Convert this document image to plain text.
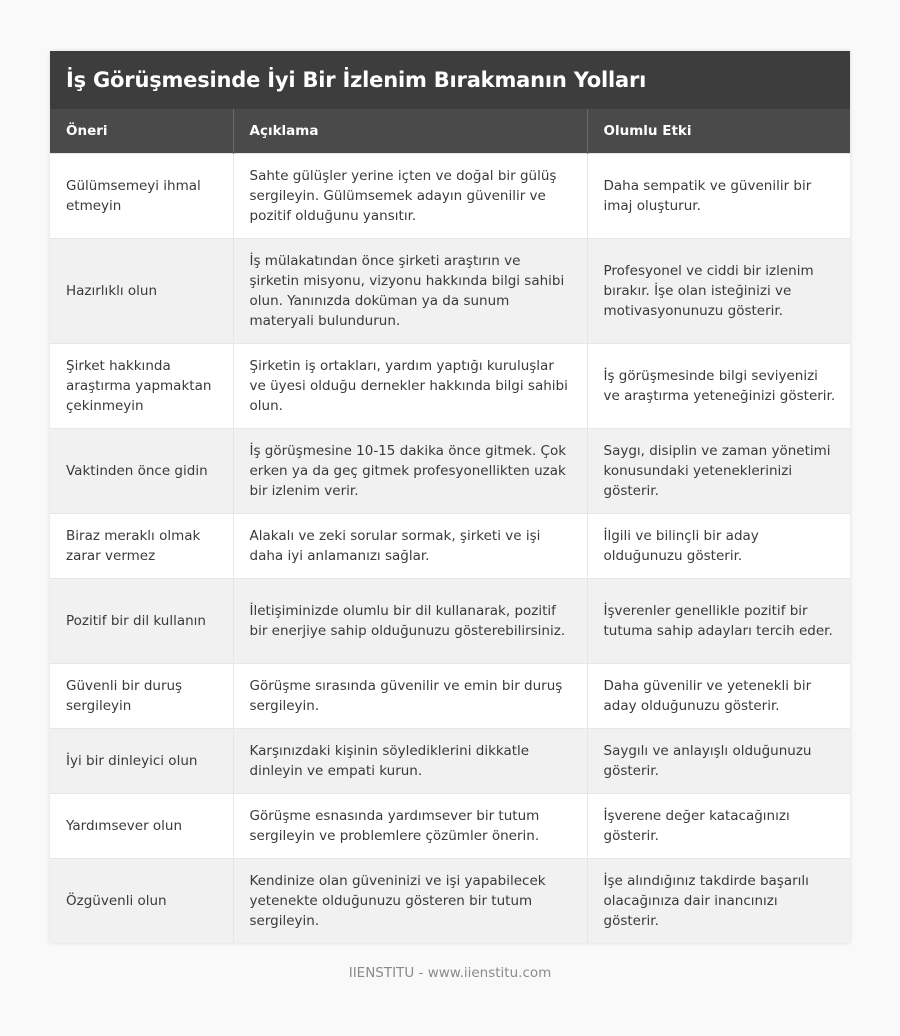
İş Görüşmesinde İyi Bir İzlenim Bırakmanın Yolları
Öneri	Açıklama	Olumlu Etki
Gülümsemeyi ihmal etmeyin	Sahte gülüşler yerine içten ve doğal bir gülüş sergileyin. Gülümsemek adayın güvenilir ve pozitif olduğunu yansıtır.	Daha sempatik ve güvenilir bir imaj oluşturur.
Hazırlıklı olun	İş mülakatından önce şirketi araştırın ve şirketin misyonu, vizyonu hakkında bilgi sahibi olun. Yanınızda doküman ya da sunum materyali bulundurun.	Profesyonel ve ciddi bir izlenim bırakır. İşe olan isteğinizi ve motivasyonunuzu gösterir.
Şirket hakkında araştırma yapmaktan çekinmeyin	Şirketin iş ortakları, yardım yaptığı kuruluşlar ve üyesi olduğu dernekler hakkında bilgi sahibi olun.	İş görüşmesinde bilgi seviyenizi ve araştırma yeteneğinizi gösterir.
Vaktinden önce gidin	İş görüşmesine 10-15 dakika önce gitmek. Çok erken ya da geç gitmek profesyonellikten uzak bir izlenim verir.	Saygı, disiplin ve zaman yönetimi konusundaki yeteneklerinizi gösterir.
Biraz meraklı olmak zarar vermez	Alakalı ve zeki sorular sormak, şirketi ve işi daha iyi anlamanızı sağlar.	İlgili ve bilinçli bir aday olduğunuzu gösterir.
Pozitif bir dil kullanın	İletişiminizde olumlu bir dil kullanarak, pozitif bir enerjiye sahip olduğunuzu gösterebilirsiniz.	İşverenler genellikle pozitif bir tutuma sahip adayları tercih eder.
Güvenli bir duruş sergileyin	Görüşme sırasında güvenilir ve emin bir duruş sergileyin.	Daha güvenilir ve yetenekli bir aday olduğunuzu gösterir.
İyi bir dinleyici olun	Karşınızdaki kişinin söylediklerini dikkatle dinleyin ve empati kurun.	Saygılı ve anlayışlı olduğunuzu gösterir.
Yardımsever olun	Görüşme esnasında yardımsever bir tutum sergileyin ve problemlere çözümler önerin.	İşverene değer katacağınızı gösterir.
Özgüvenli olun	Kendinize olan güveninizi ve işi yapabilecek yetenekte olduğunuzu gösteren bir tutum sergileyin.	İşe alındığınız takdirde başarılı olacağınıza dair inancınızı gösterir.
IIENSTITU - www.iienstitu.com
